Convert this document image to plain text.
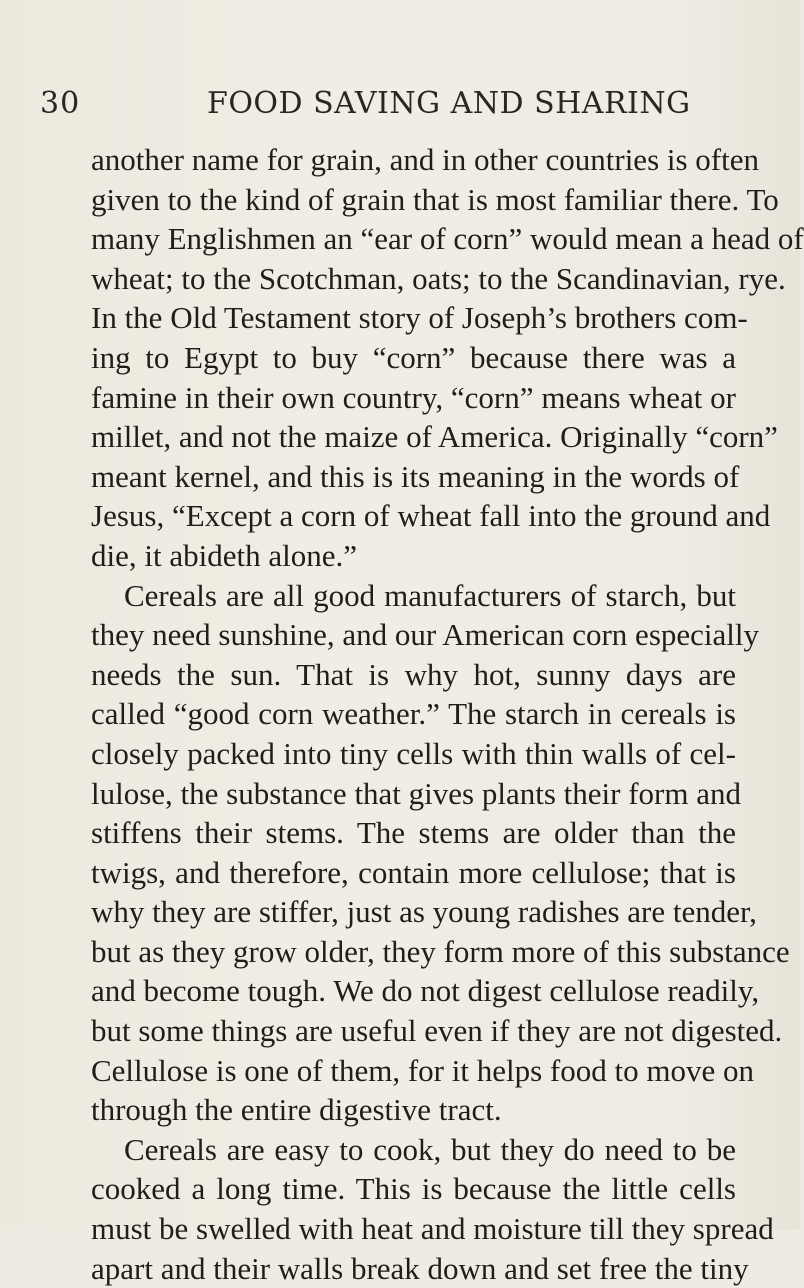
30	FOOD SAVING AND SHARING
another name for grain, and in other countries is often
given to the kind of grain that is most familiar there. To
many Englishmen an “ear of corn” would mean a head of
wheat; to the Scotchman, oats; to the Scandinavian, rye.
In the Old Testament story of Joseph’s brothers com-
ing to Egypt to buy “corn” because there was a
famine in their own country, “corn” means wheat or
millet, and not the maize of America. Originally “corn”
meant kernel, and this is its meaning in the words of
Jesus, “Except a corn of wheat fall into the ground and
die, it abideth alone.”
Cereals are all good manufacturers of starch, but
they need sunshine, and our American corn especially
needs the sun. That is why hot, sunny days are
called “good corn weather.” The starch in cereals is
closely packed into tiny cells with thin walls of cel-
lulose, the substance that gives plants their form and
stiffens their stems. The stems are older than the
twigs, and therefore, contain more cellulose; that is
why they are stiffer, just as young radishes are tender,
but as they grow older, they form more of this substance
and become tough. We do not digest cellulose readily,
but some things are useful even if they are not digested.
Cellulose is one of them, for it helps food to move on
through the entire digestive tract.
Cereals are easy to cook, but they do need to be
cooked a long time. This is because the little cells
must be swelled with heat and moisture till they spread
apart and their walls break down and set free the tiny
